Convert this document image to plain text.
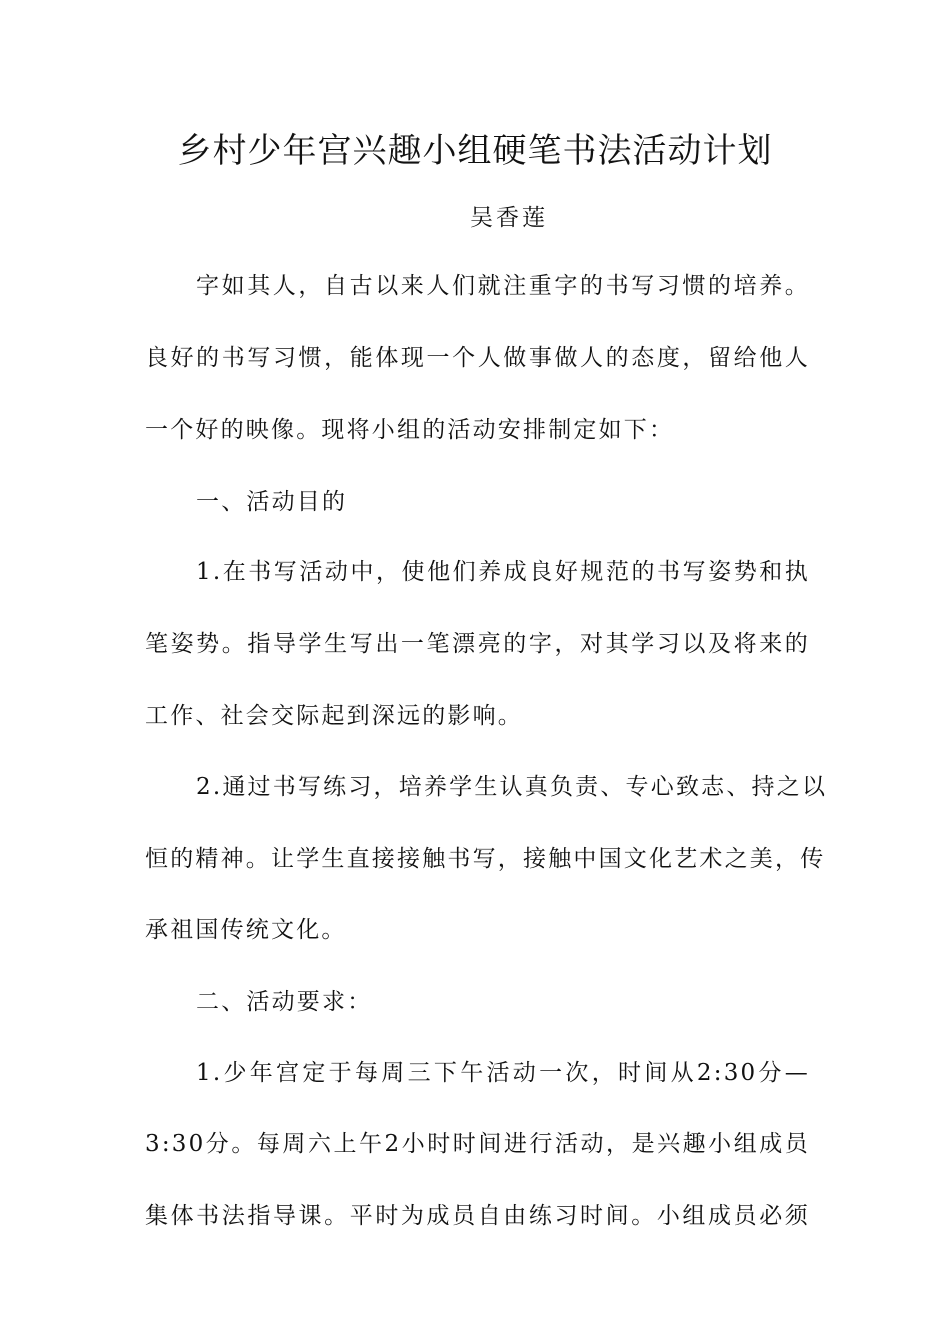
乡村少年宫兴趣小组硬笔书法活动计划
吴香莲
字如其人，自古以来人们就注重字的书写习惯的培养。
良好的书写习惯，能体现一个人做事做人的态度，留给他人
一个好的映像。现将小组的活动安排制定如下：
一、活动目的
1.在书写活动中，使他们养成良好规范的书写姿势和执
笔姿势。指导学生写出一笔漂亮的字，对其学习以及将来的
工作、社会交际起到深远的影响。
2.通过书写练习，培养学生认真负责、专心致志、持之以
恒的精神。让学生直接接触书写，接触中国文化艺术之美，传
承祖国传统文化。
二、活动要求：
1.少年宫定于每周三下午活动一次，时间从2:30分—
3:30分。每周六上午2小时时间进行活动，是兴趣小组成员
集体书法指导课。平时为成员自由练习时间。小组成员必须
